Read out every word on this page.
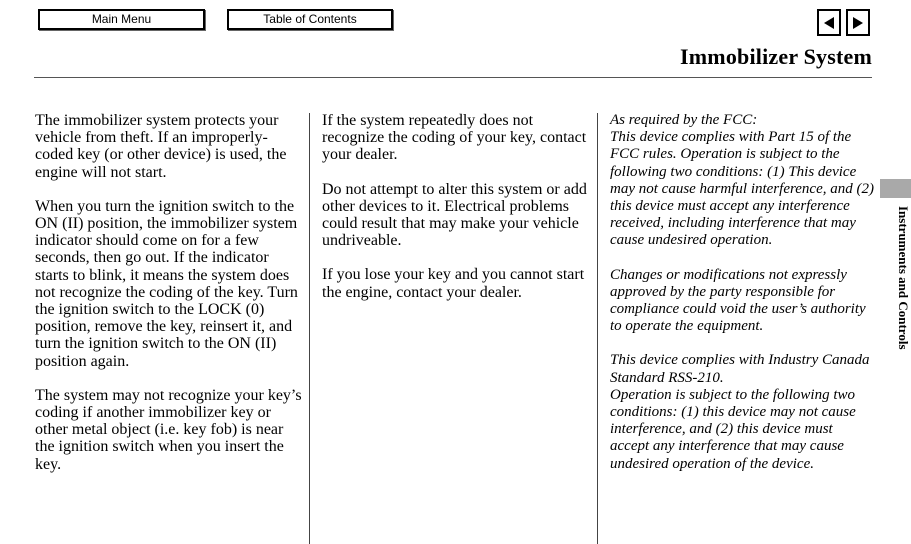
Main Menu	Table of Contents
Immobilizer System

The immobilizer system protects your vehicle from theft. If an improperly-coded key (or other device) is used, the engine will not start.

When you turn the ignition switch to the ON (II) position, the immobilizer system indicator should come on for a few seconds, then go out. If the indicator starts to blink, it means the system does not recognize the coding of the key. Turn the ignition switch to the LOCK (0) position, remove the key, reinsert it, and turn the ignition switch to the ON (II) position again.

The system may not recognize your key’s coding if another immobilizer key or other metal object (i.e. key fob) is near the ignition switch when you insert the key.

If the system repeatedly does not recognize the coding of your key, contact your dealer.

Do not attempt to alter this system or add other devices to it. Electrical problems could result that may make your vehicle undriveable.

If you lose your key and you cannot start the engine, contact your dealer.

As required by the FCC:
This device complies with Part 15 of the FCC rules. Operation is subject to the following two conditions: (1) This device may not cause harmful interference, and (2) this device must accept any interference received, including interference that may cause undesired operation.

Changes or modifications not expressly approved by the party responsible for compliance could void the user’s authority to operate the equipment.

This device complies with Industry Canada Standard RSS-210.
Operation is subject to the following two conditions: (1) this device may not cause interference, and (2) this device must accept any interference that may cause undesired operation of the device.

Instruments and Controls
